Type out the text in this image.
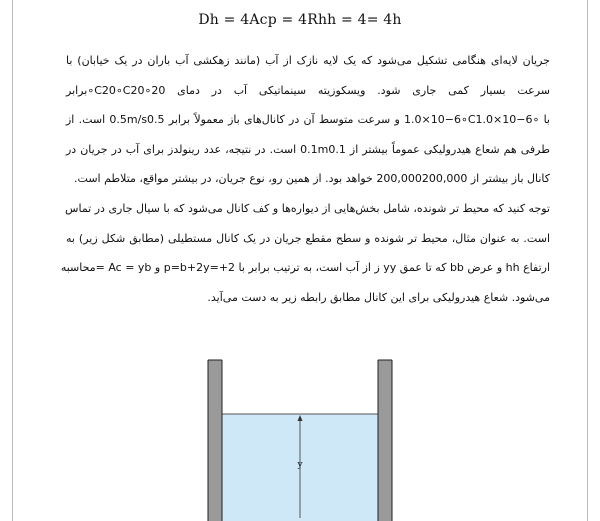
Dh = 4Acp = 4Rhh = 4= 4h

جریان لایه‌ای هنگامی تشکیل می‌شود که یک لایه نازک از آب (مانند زهکشی آب باران در یک خیابان) با
سرعت بسیار کمی جاری شود. ویسکوزیته سینماتیکی آب در دمای 20∘C20∘C20∘برابر
با ‎1.0×10−6‎∘C1.0×10−6∘‎ و سرعت متوسط آن در کانال‌های باز معمولاً برابر ‎0.5m/s0.5‎ است. از
طرفی هم شعاع هیدرولیکی عموماً بیشتر از ‎0.1m0.1‎ است. در نتیجه، عدد رینولدز برای آب در جریان در
کانال باز بیشتر از ‎200,000200,000‎ خواهد بود. از همین رو، نوع جریان، در بیشتر مواقع، متلاطم است.

توجه کنید که محیط تر شونده، شامل بخش‌هایی از دیواره‌ها و کف کانال می‌شود که با سیال جاری در تماس
است. به عنوان مثال، محیط تر شونده و سطح مقطع جریان در یک کانال مستطیلی (مطابق شکل زیر) به
ارتفاع hh و عرض bb که تا عمق yy ز از آب است، به ترتیب برابر با p=b+2y=+2 و Ac = yb =محاسبه
می‌شود. شعاع هیدرولیکی برای این کانال مطابق رابطه زیر به دست می‌آید.

y
